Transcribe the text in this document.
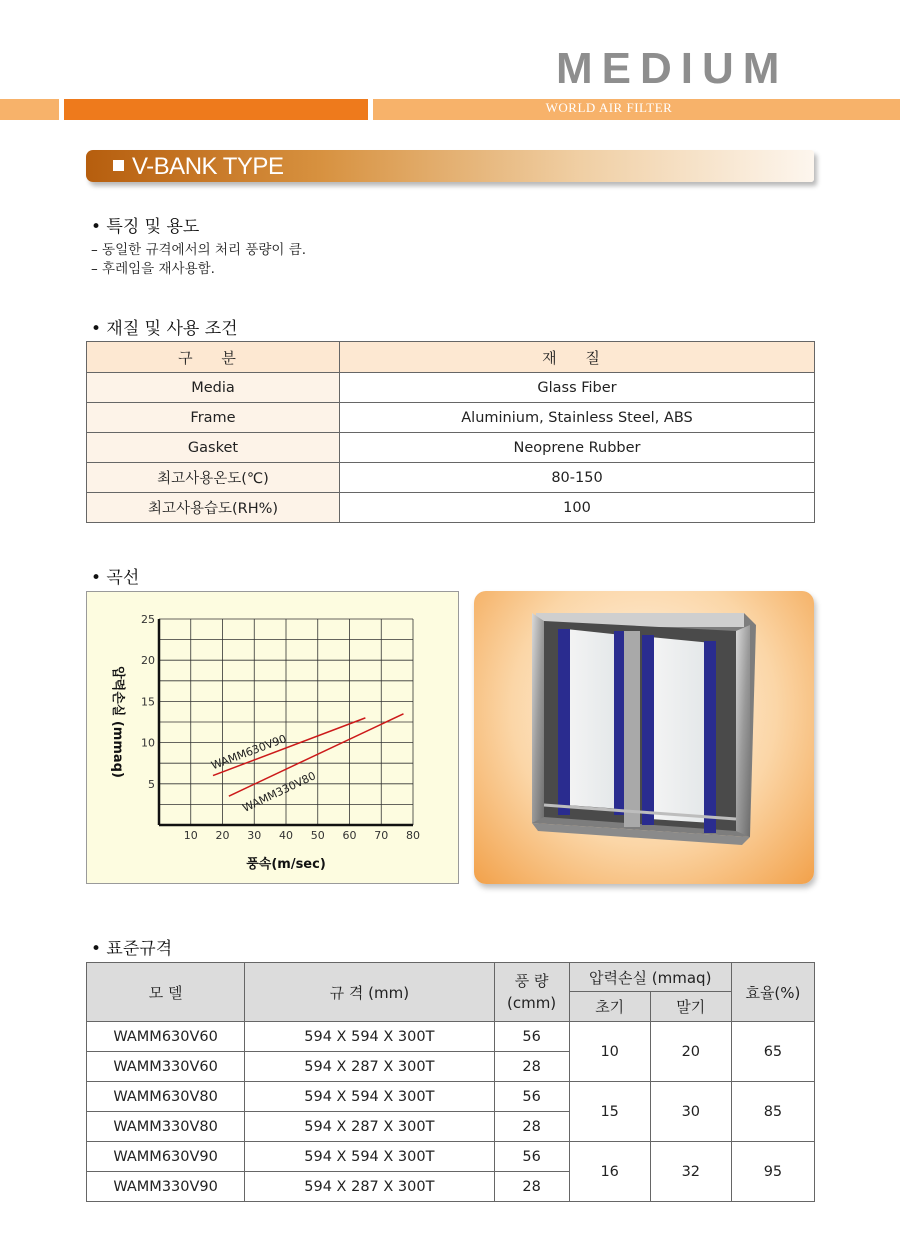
MEDIUM
WORLD AIR FILTER
V-BANK TYPE
• 특징 및 용도
– 동일한 규격에서의 처리 풍량이 큼.
– 후레임을 재사용함.
• 재질 및 사용 조건
구 분	재 질
Media	Glass Fiber
Frame	Aluminium, Stainless Steel, ABS
Gasket	Neoprene Rubber
최고사용온도(℃)	80-150
최고사용습도(RH%)	100
• 곡선
10 20 30 40 50 60 70 80
5
10
15
20
25
풍속(m/sec)
압력손실 (mmaq)	WAMM630V90
WAMM330V80
• 표준규격
모 델	규 격 (mm)	풍 량
(cmm)	압력손실 (mmaq)		효율(%)
			초기	말기	
WAMM630V60	594 X 594 X 300T	56	10	20	65
WAMM330V60	594 X 287 X 300T	28			
WAMM630V80	594 X 594 X 300T	56	15	30	85
WAMM330V80	594 X 287 X 300T	28			
WAMM630V90	594 X 594 X 300T	56	16	32	95
WAMM330V90	594 X 287 X 300T	28			
